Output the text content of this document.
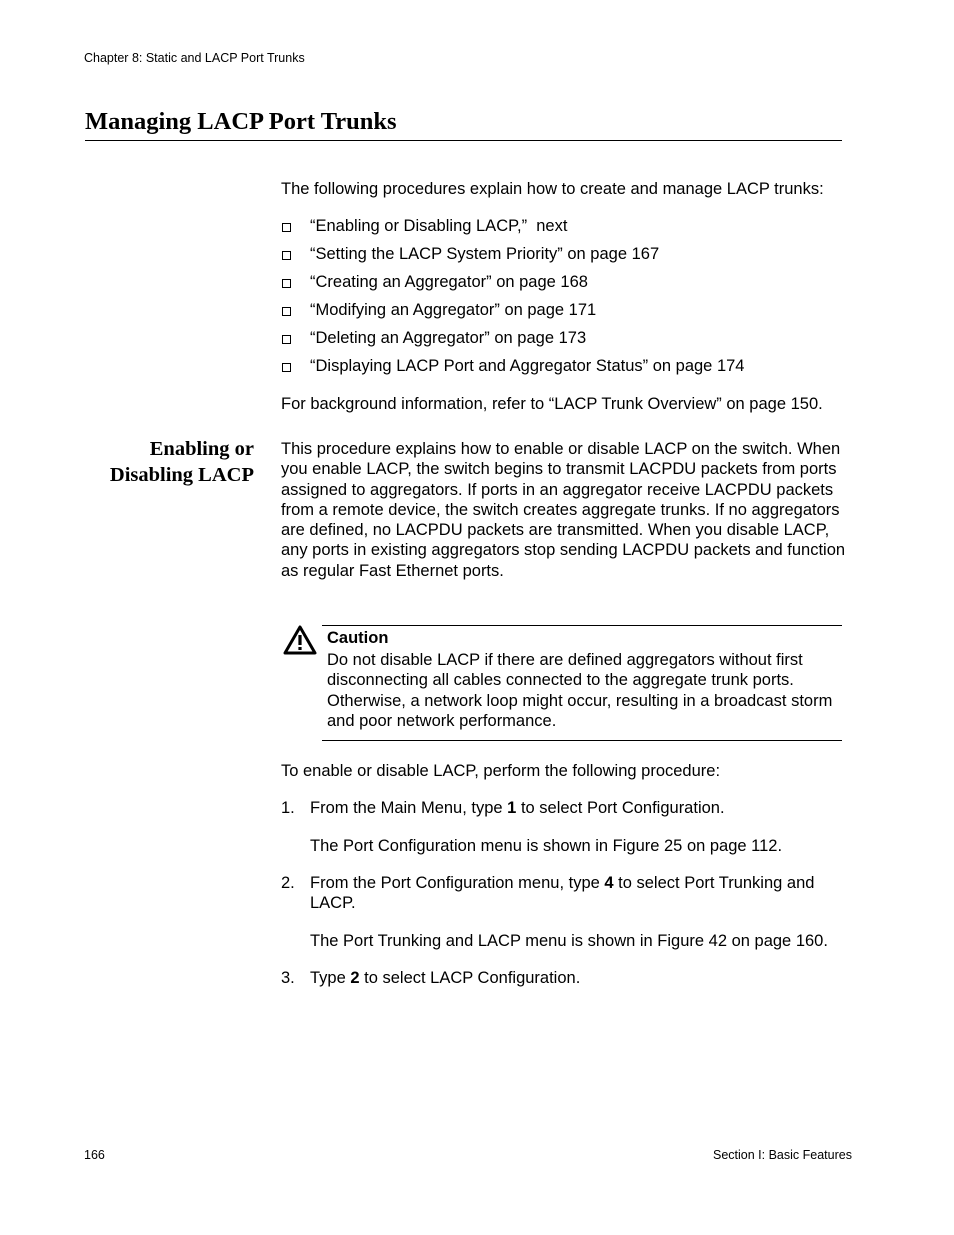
Chapter 8: Static and LACP Port Trunks
Managing LACP Port Trunks
The following procedures explain how to create and manage LACP trunks:
“Enabling or Disabling LACP,”  next
“Setting the LACP System Priority” on page 167
“Creating an Aggregator” on page 168
“Modifying an Aggregator” on page 171
“Deleting an Aggregator” on page 173
“Displaying LACP Port and Aggregator Status” on page 174
For background information, refer to “LACP Trunk Overview” on page 150.
Enabling or
Disabling LACP
This procedure explains how to enable or disable LACP on the switch. When you enable LACP, the switch begins to transmit LACPDU packets from ports assigned to aggregators. If ports in an aggregator receive LACPDU packets from a remote device, the switch creates aggregate trunks. If no aggregators are defined, no LACPDU packets are transmitted. When you disable LACP, any ports in existing aggregators stop sending LACPDU packets and function as regular Fast Ethernet ports.
Caution
Do not disable LACP if there are defined aggregators without first disconnecting all cables connected to the aggregate trunk ports. Otherwise, a network loop might occur, resulting in a broadcast storm and poor network performance.
To enable or disable LACP, perform the following procedure:
1. From the Main Menu, type 1 to select Port Configuration.
The Port Configuration menu is shown in Figure 25 on page 112.
2. From the Port Configuration menu, type 4 to select Port Trunking and LACP.
The Port Trunking and LACP menu is shown in Figure 42 on page 160.
3. Type 2 to select LACP Configuration.
166	Section I: Basic Features
